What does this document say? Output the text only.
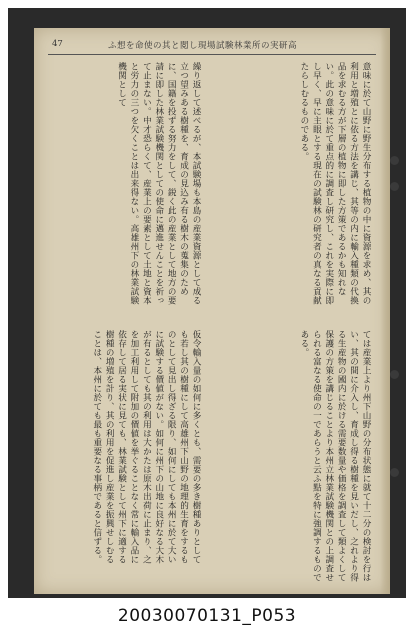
47	ふ想を命使の其と閲し現場試験林業所の実研高
意味に於て山野に野生分布する植物の中に資源を求め、其の利用と増殖とに依る方法を講じ、其等の内に輸入種類の代換品を求むる方が下層の植物に即した方策であるかも知れない。此の意味に於て重点的に調査し研究し、これを実際に即し早く、早に主眼とする現在の試験林の研究者の真なる貢献たらしむるものである。
繰り返して述べるが、本試験場も本島の産業資源として成る立つ望みある樹種を、育成の見込み有る樹木の蒐集のために、国籍を投ずる努力をして、鋭く此の産業として地方の要請に即した林業試験機関としての使命に邁進せんことを祈って止まない。中才恐らくて、産業上の要素として土地と資本と労力の三つを欠くことは出来得ない。高雄州下の林業試験機関として
ては産業上より州下山野の分布状態に就て十二分の検討を行はい、其の間に介入し、育成し得る樹種を見いだし、之れより得る生産物の國内に於ける需要数量や価格を調査して類よくして保護の方策を講じることより本州立林業試験機関との上調査せられる富なる使命の一であらうと云ふ點を特に強調するものである。
仮令輸入量の如何に多くとも、需要の多き樹種ありとしても若し其の樹種にして高雄州下山野の地理的生育をするものとして見出し得ざる限り、如何にしても本州に於て大いに試験する價値がない。如何に州下の山地に良好なる大木が有るとしても其の利用は大かたは原木出荷に止まり、之を加工利用して附加の價値を挙ぐることなく常に輸入品に依存して居る実状に見ても、林業試験として州下に適する樹種の増殖を計り、其の利用を促進し産業を振興せしむることは、本州に於ても最も重要なる事柄であると信ずる。
20030070131_P053
